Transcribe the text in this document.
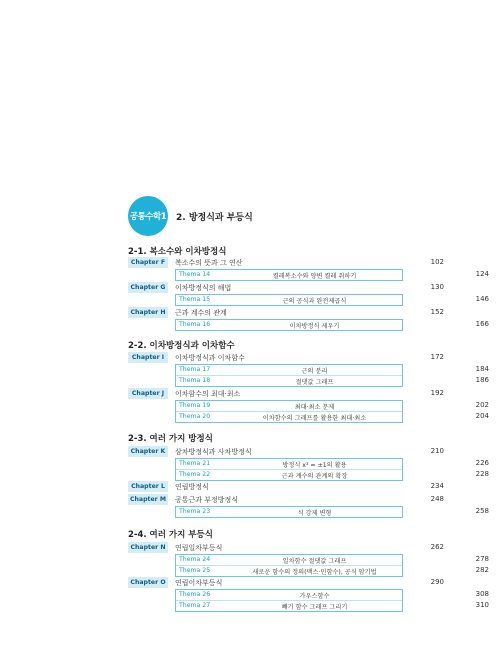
공통수학1 2. 방정식과 부등식
2-1. 복소수와 이차방정식
Chapter F	복소수의 뜻과 그 연산	102
Thema 14	켤레복소수와 양변 켤레 취하기	124
Chapter G	이차방정식의 해법	130
Thema 15	근의 공식과 완전제곱식	146
Chapter H	근과 계수의 관계	152
Thema 16	이차방정식 세우기	166
2-2. 이차방정식과 이차함수
Chapter I	이차방정식과 이차함수	172
Thema 17	근의 분리	184
Thema 18	절댓값 그래프	186
Chapter J	이차함수의 최대·최소	192
Thema 19	최대·최소 문제	202
Thema 20	이차함수의 그래프를 활용한 최대·최소	204
2-3. 여러 가지 방정식
Chapter K	삼차방정식과 사차방정식	210
Thema 21	방정식 x³ = ±1의 활용	226
Thema 22	근과 계수의 관계의 확장	228
Chapter L	연립방정식	234
Chapter M 공통근과 부정방정식	248
Thema 23	식 강제 변형	258
2-4. 여러 가지 부등식
Chapter N	연립일차부등식	262
Thema 24	일차함수 절댓값 그래프	278
Thema 25	새로운 함수의 정의(맥스·민함수), 공식 암기법	282
Chapter O	연립이차부등식	290
Thema 26	가우스함수	308
Thema 27	빼기 함수 그래프 그리기	310
